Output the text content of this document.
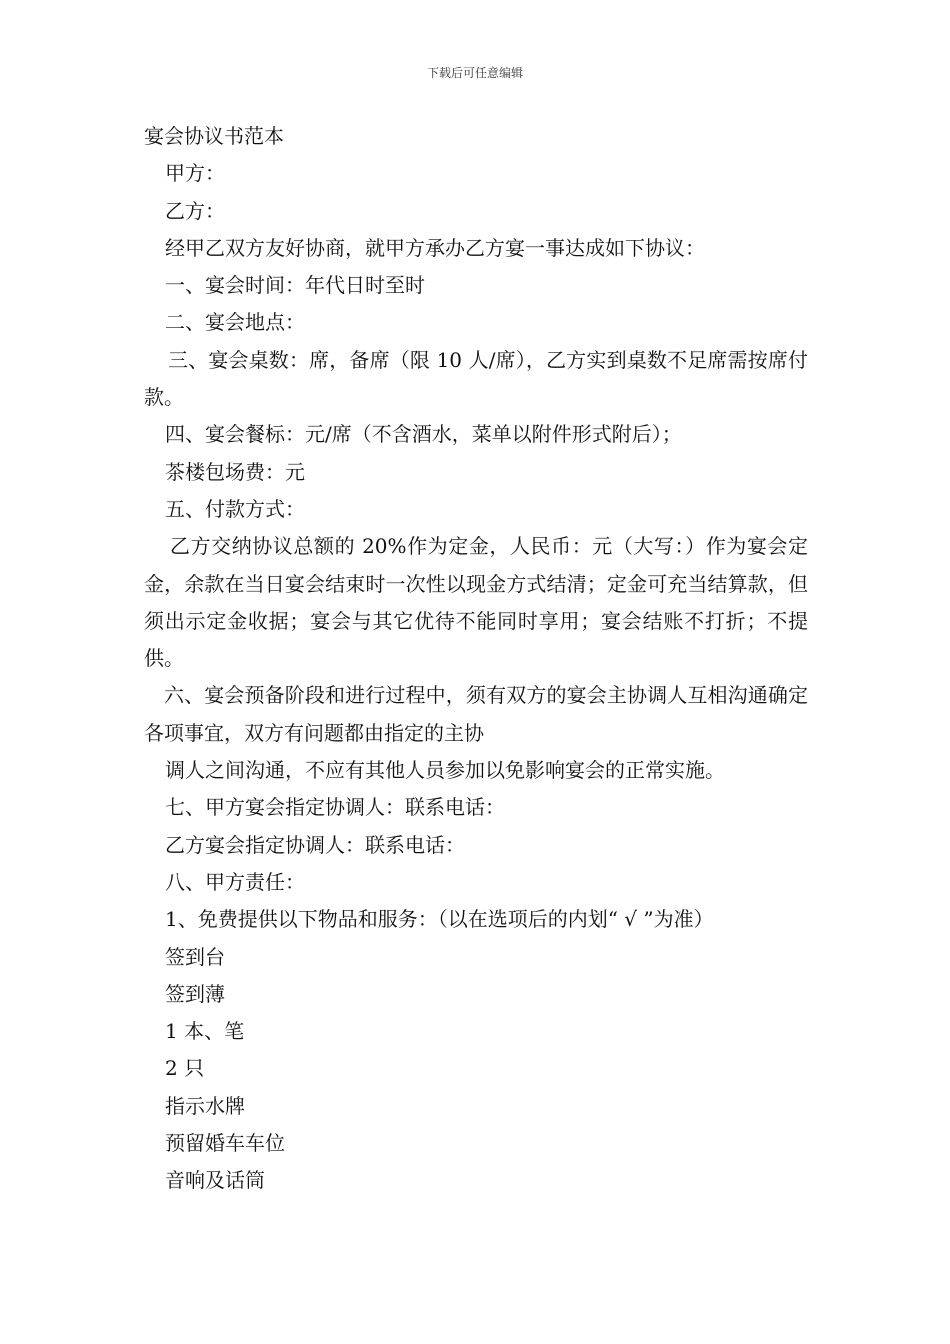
下载后可任意编辑

宴会协议书范本

甲方：

乙方：

经甲乙双方友好协商，就甲方承办乙方宴一事达成如下协议：

一、宴会时间：年代日时至时

二、宴会地点：

三、宴会桌数：席，备席（限 10 人/席），乙方实到桌数不足席需按席付款。

四、宴会餐标：元/席（不含酒水，菜单以附件形式附后）；

茶楼包场费：元

五、付款方式：

乙方交纳协议总额的 20%作为定金，人民币：元（大写：）作为宴会定金，余款在当日宴会结束时一次性以现金方式结清；定金可充当结算款，但须出示定金收据；宴会与其它优待不能同时享用；宴会结账不打折；不提供。

六、宴会预备阶段和进行过程中，须有双方的宴会主协调人互相沟通确定各项事宜，双方有问题都由指定的主协

调人之间沟通，不应有其他人员参加以免影响宴会的正常实施。

七、甲方宴会指定协调人：联系电话：

乙方宴会指定协调人：联系电话：

八、甲方责任：

1、免费提供以下物品和服务：（以在选项后的内划“ √ ”为准）

签到台

签到薄

1 本、笔

2 只

指示水牌

预留婚车车位

音响及话筒
